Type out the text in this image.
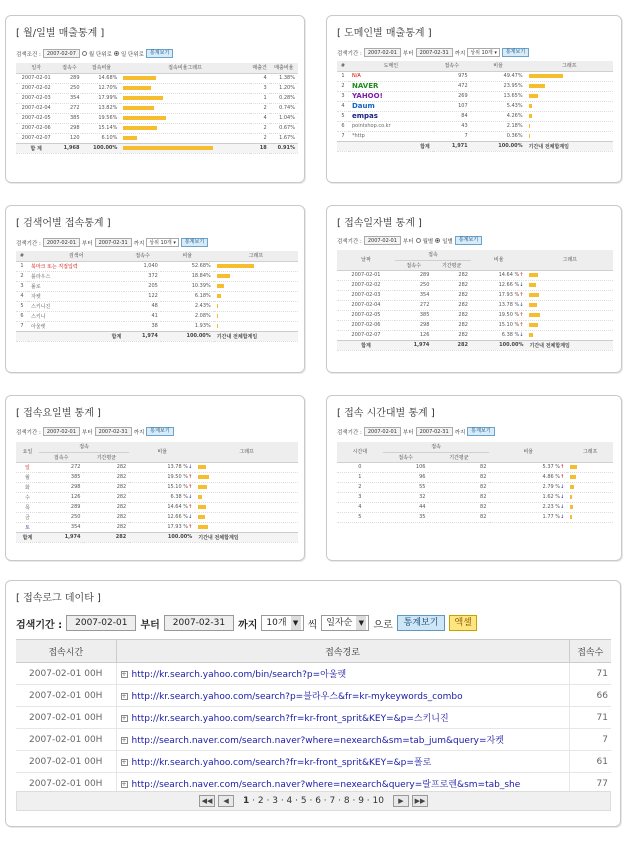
[ 월/일별 매출통계 ]
검색조건 :	2007-02-07	월 단위로 일 단위로	통계보기
일자	접속수	접속비율	접속비율그래프	매출건	매출비율
2007-02-01	289	14.68%		4	1.38%
2007-02-02	250	12.70%		3	1.20%
2007-02-03	354	17.99%		1	0.28%
2007-02-04	272	13.82%		2	0.74%
2007-02-05	385	19.56%		4	1.04%
2007-02-06	298	15.14%		2	0.67%
2007-02-07	120	6.10%		2	1.67%
합 계	1,968	100.00%		18	0.91%
[ 도메인별 매출통계 ]
검색기간 :	2007-02-01	부터	2007-02-31	까지	상위 10개 ▾	통계보기
#	도메인	접속수	비율	그래프
1	N/A	975	49.47%	
2	NAVER	472	23.95%	
3	YAHOO!	269	13.65%	
4	Daum	107	5.43%	
5	empas	84	4.26%	
6	pointshop.co.kr	43	2.18%	
7	*http	7	0.36%	
	합계	1,971	100.00%	기간내 전체합계임
[ 검색어별 접속통계 ]
검색기간 :	2007-02-01	부터	2007-02-31	까지	상위 10개 ▾	통계보기
#	검색어	접속수	비율	그래프
1	북마크 또는 직접입력	1,040	52.68%	
2	블라우스	372	18.84%	
3	폴로	205	10.39%	
4	자켓	122	6.18%	
5	스키니진	48	2.43%	
6	스키니	41	2.08%	
7	아울렛	38	1.93%	
	합계	1,974	100.00%	기간내 전체합계임
[ 접속일자별 통계 ]
검색기간 :	2007-02-01	부터 월별 일별	통계보기
날짜	접속		비율	그래프
	접속수	기간평균		
2007-02-01	289	282	14.64 %↑	
2007-02-02	250	282	12.66 %↓	
2007-02-03	354	282	17.93 %↑	
2007-02-04	272	282	13.78 %↓	
2007-02-05	385	282	19.50 %↑	
2007-02-06	298	282	15.10 %↑	
2007-02-07	126	282	6.38 %↓	
합계	1,974	282	100.00%	기간내 전체합계임
[ 접속요일별 통계 ]
검색기간 :	2007-02-01	부터	2007-02-31	까지	통계보기
요일	접속		비율	그래프
	접속수	기간평균		
일	272	282	13.78 %↓	
월	385	282	19.50 %↑	
화	298	282	15.10 %↑	
수	126	282	6.38 %↓	
목	289	282	14.64 %↑	
금	250	282	12.66 %↓	
토	354	282	17.93 %↑	
합계	1,974	282	100.00%	기간내 전체합계임
[ 접속 시간대별 통계 ]
검색기간 :	2007-02-01	부터	2007-02-31	까지	통계보기
시간대	접속		비율	그래프
	접속수	기간평균		
0	106	82	5.37 %↑	
1	96	82	4.86 %↑	
2	55	82	2.79 %↓	
3	32	82	1.62 %↓	
4	44	82	2.23 %↓	
5	35	82	1.77 %↓	
[ 접속로그 데이타 ]
검색기간 :	2007-02-01	부터	2007-02-31	까지	10개 ▼ 씩	일자순 ▼ 으로	통계보기	엑셀
접속시간	접속경로	접속수
2007-02-01 00H	+ http://kr.search.yahoo.com/bin/search?p=아울렛	71
2007-02-01 00H	+ http://kr.search.yahoo.com/search?p=블라우스&fr=kr-mykeywords_combo	66
2007-02-01 00H	+ http://kr.search.yahoo.com/search?fr=kr-front_sprit&KEY=&p=스키니진	71
2007-02-01 00H	+ http://search.naver.com/search.naver?where=nexearch&sm=tab_jum&query=자켓	7
2007-02-01 00H	+ http://kr.search.yahoo.com/search?fr=kr-front_sprit&KEY=&p=폴로	61
2007-02-01 00H	+ http://search.naver.com/search.naver?where=nexearch&query=랄프로렌&sm=tab_she	77
◀◀	◀	1 · 2 · 3 · 4 · 5 · 6 · 7 · 8 · 9 · 10	▶	▶▶
